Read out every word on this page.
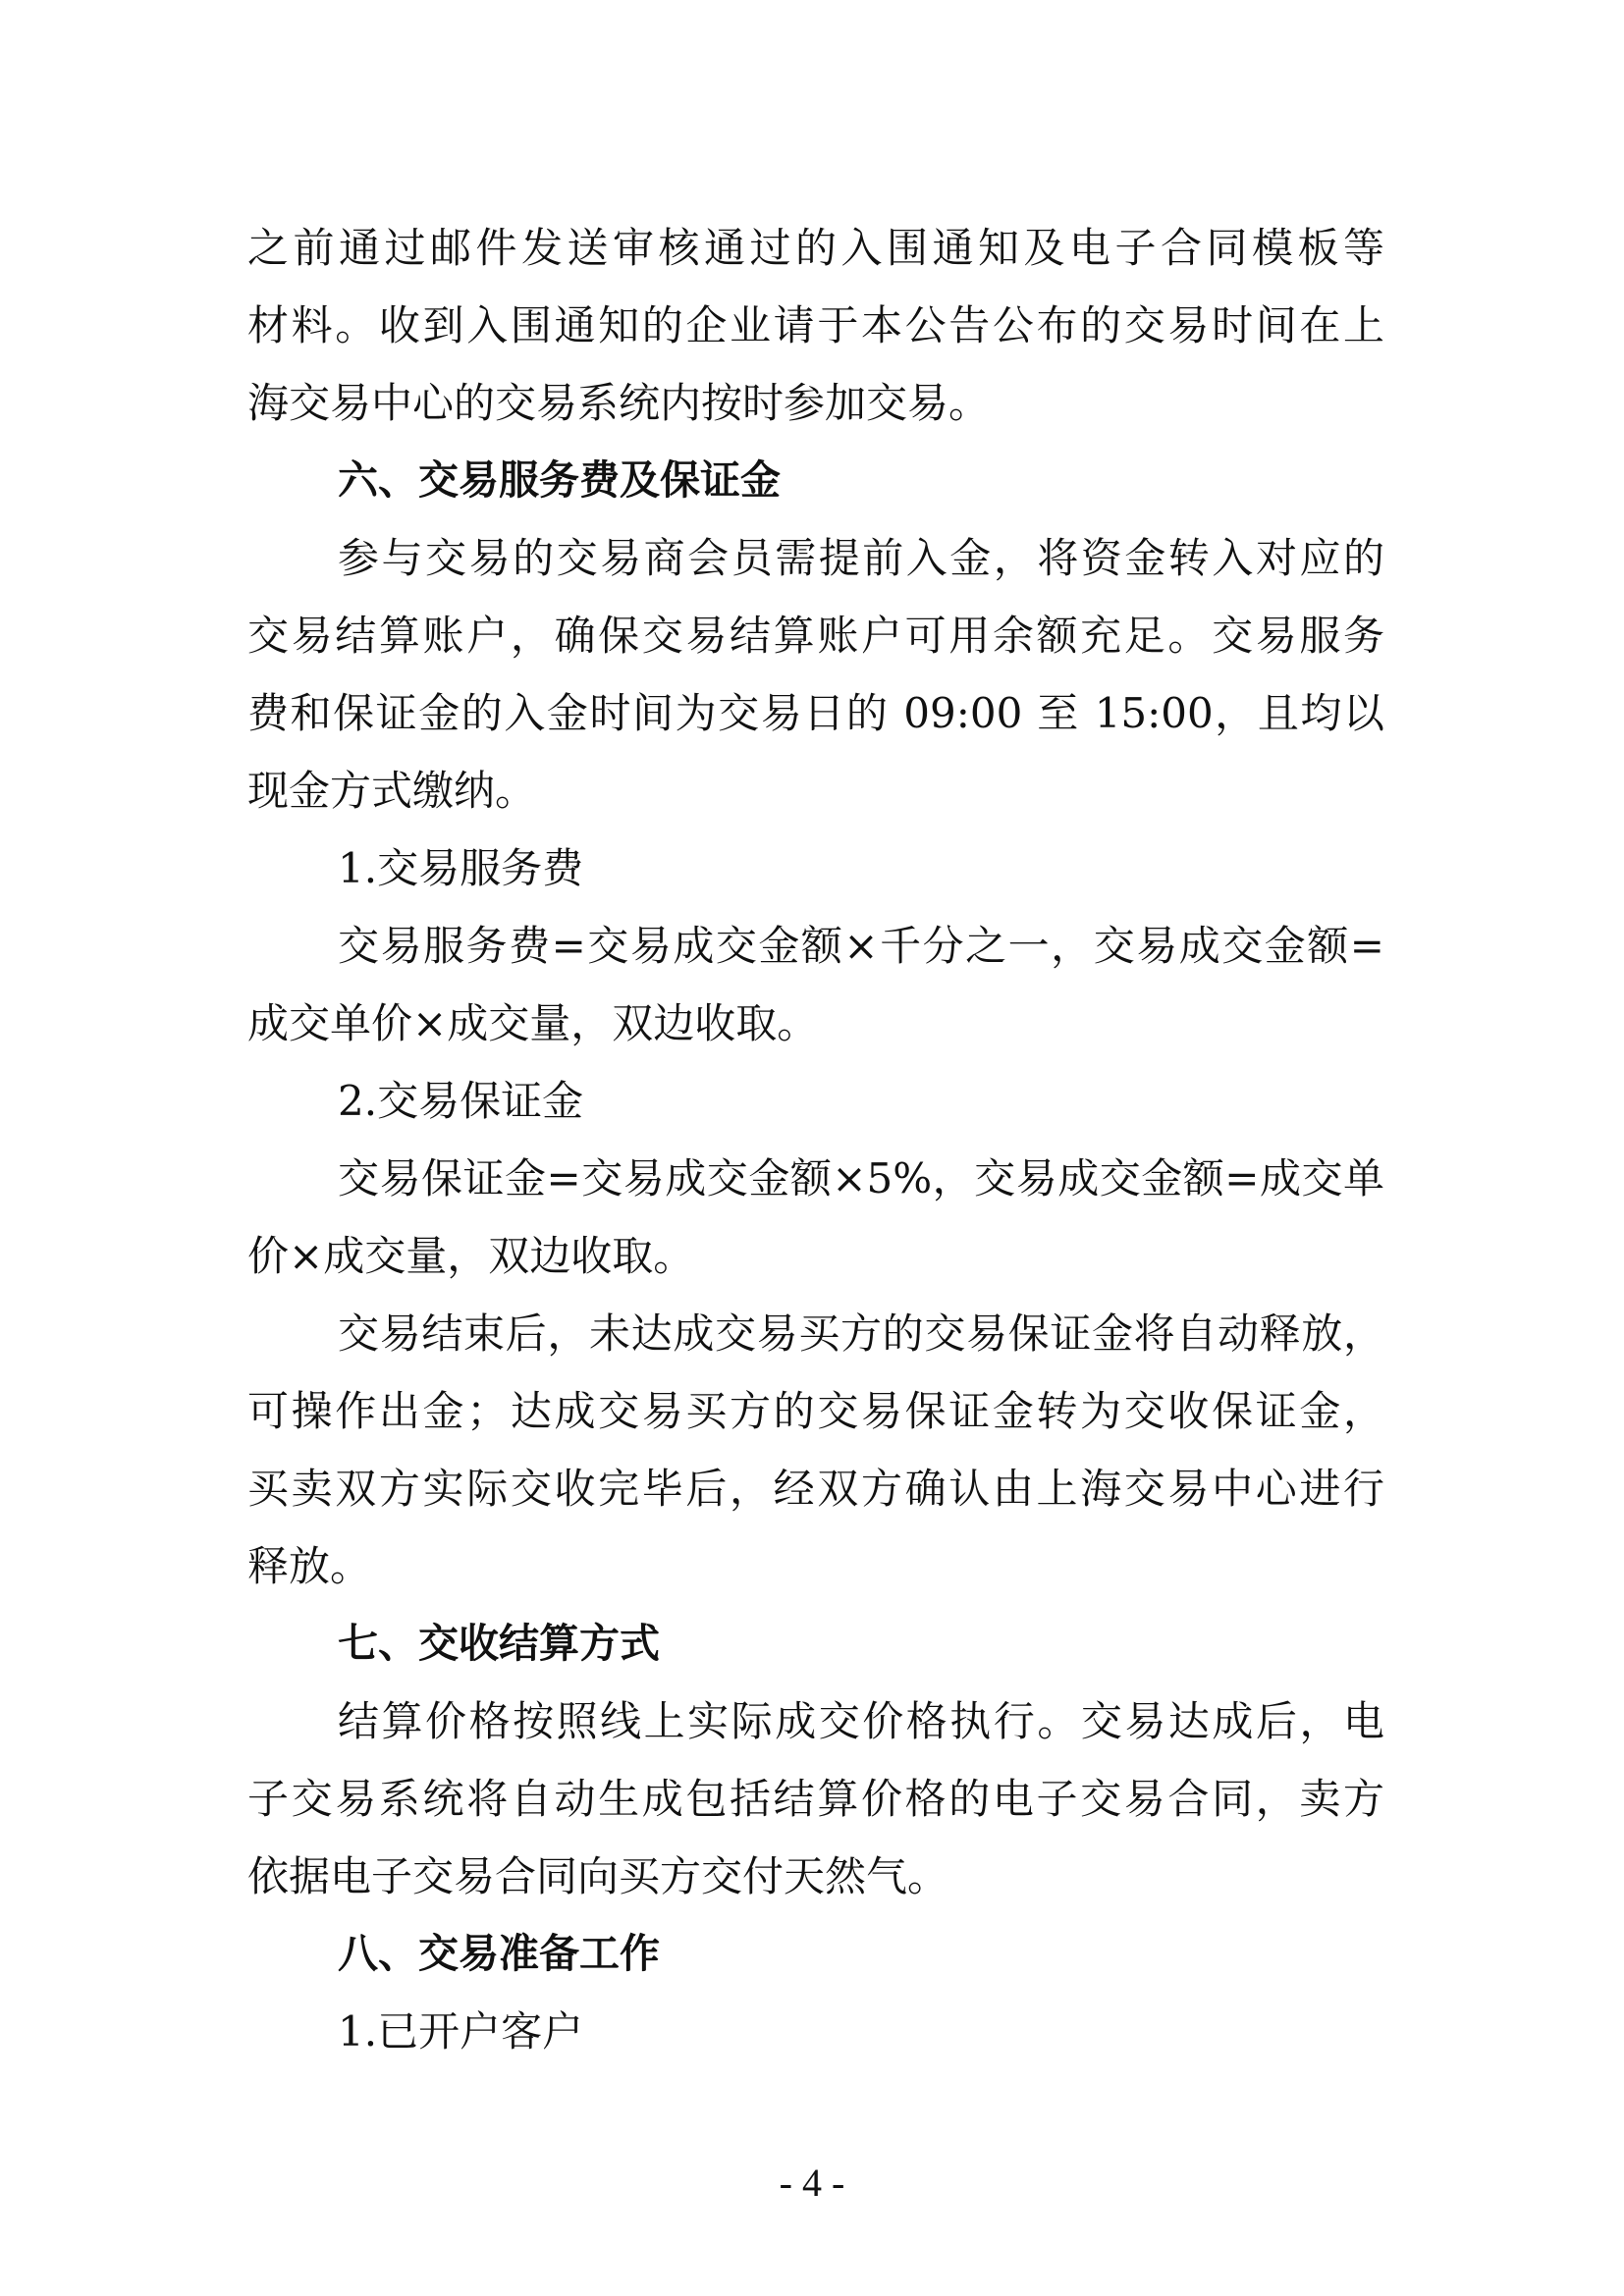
之前通过邮件发送审核通过的入围通知及电子合同模板等
材料。收到入围通知的企业请于本公告公布的交易时间在上
海交易中心的交易系统内按时参加交易。
六、交易服务费及保证金
参与交易的交易商会员需提前入金，将资金转入对应的
交易结算账户，确保交易结算账户可用余额充足。交易服务
费和保证金的入金时间为交易日的 09:00 至 15:00，且均以
现金方式缴纳。
1.交易服务费
交易服务费=交易成交金额×千分之一，交易成交金额=
成交单价×成交量，双边收取。
2.交易保证金
交易保证金=交易成交金额×5%，交易成交金额=成交单
价×成交量，双边收取。
交易结束后，未达成交易买方的交易保证金将自动释放，
可操作出金；达成交易买方的交易保证金转为交收保证金，
买卖双方实际交收完毕后，经双方确认由上海交易中心进行
释放。
七、交收结算方式
结算价格按照线上实际成交价格执行。交易达成后，电
子交易系统将自动生成包括结算价格的电子交易合同，卖方
依据电子交易合同向买方交付天然气。
八、交易准备工作
1.已开户客户
- 4 -
